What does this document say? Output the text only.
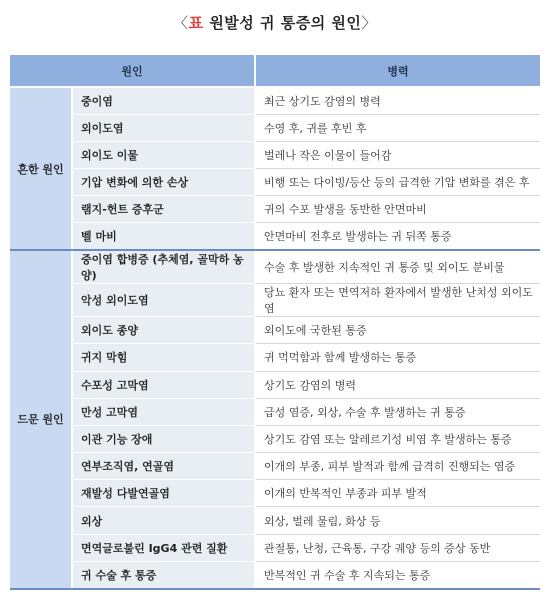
〈표 원발성 귀 통증의 원인〉
원인		병력
흔한 원인	중이염	최근 상기도 감염의 병력
	외이도염	수영 후, 귀를 후빈 후
	외이도 이물	벌레나 작은 이물이 들어감
	기압 변화에 의한 손상	비행 또는 다이빙/등산 등의 급격한 기압 변화를 겪은 후
	램지-헌트 증후군	귀의 수포 발생을 동반한 안면마비
	벨 마비	안면마비 전후로 발생하는 귀 뒤쪽 통증
드문 원인	중이염 합병증 (추체염, 골막하 농양)	수술 후 발생한 지속적인 귀 통증 및 외이도 분비물
	악성 외이도염	당뇨 환자 또는 면역저하 환자에서 발생한 난치성 외이도염
	외이도 종양	외이도에 국한된 통증
	귀지 막힘	귀 먹먹함과 함께 발생하는 통증
	수포성 고막염	상기도 감염의 병력
	만성 고막염	급성 염증, 외상, 수술 후 발생하는 귀 통증
	이관 기능 장애	상기도 감염 또는 알레르기성 비염 후 발생하는 통증
	연부조직염, 연골염	이개의 부종, 피부 발적과 함께 급격히 진행되는 염증
	재발성 다발연골염	이개의 반복적인 부종과 피부 발적
	외상	외상, 벌레 물림, 화상 등
	면역글로불린 IgG4 관련 질환	관절통, 난청, 근육통, 구강 궤양 등의 증상 동반
	귀 수술 후 통증	반복적인 귀 수술 후 지속되는 통증
